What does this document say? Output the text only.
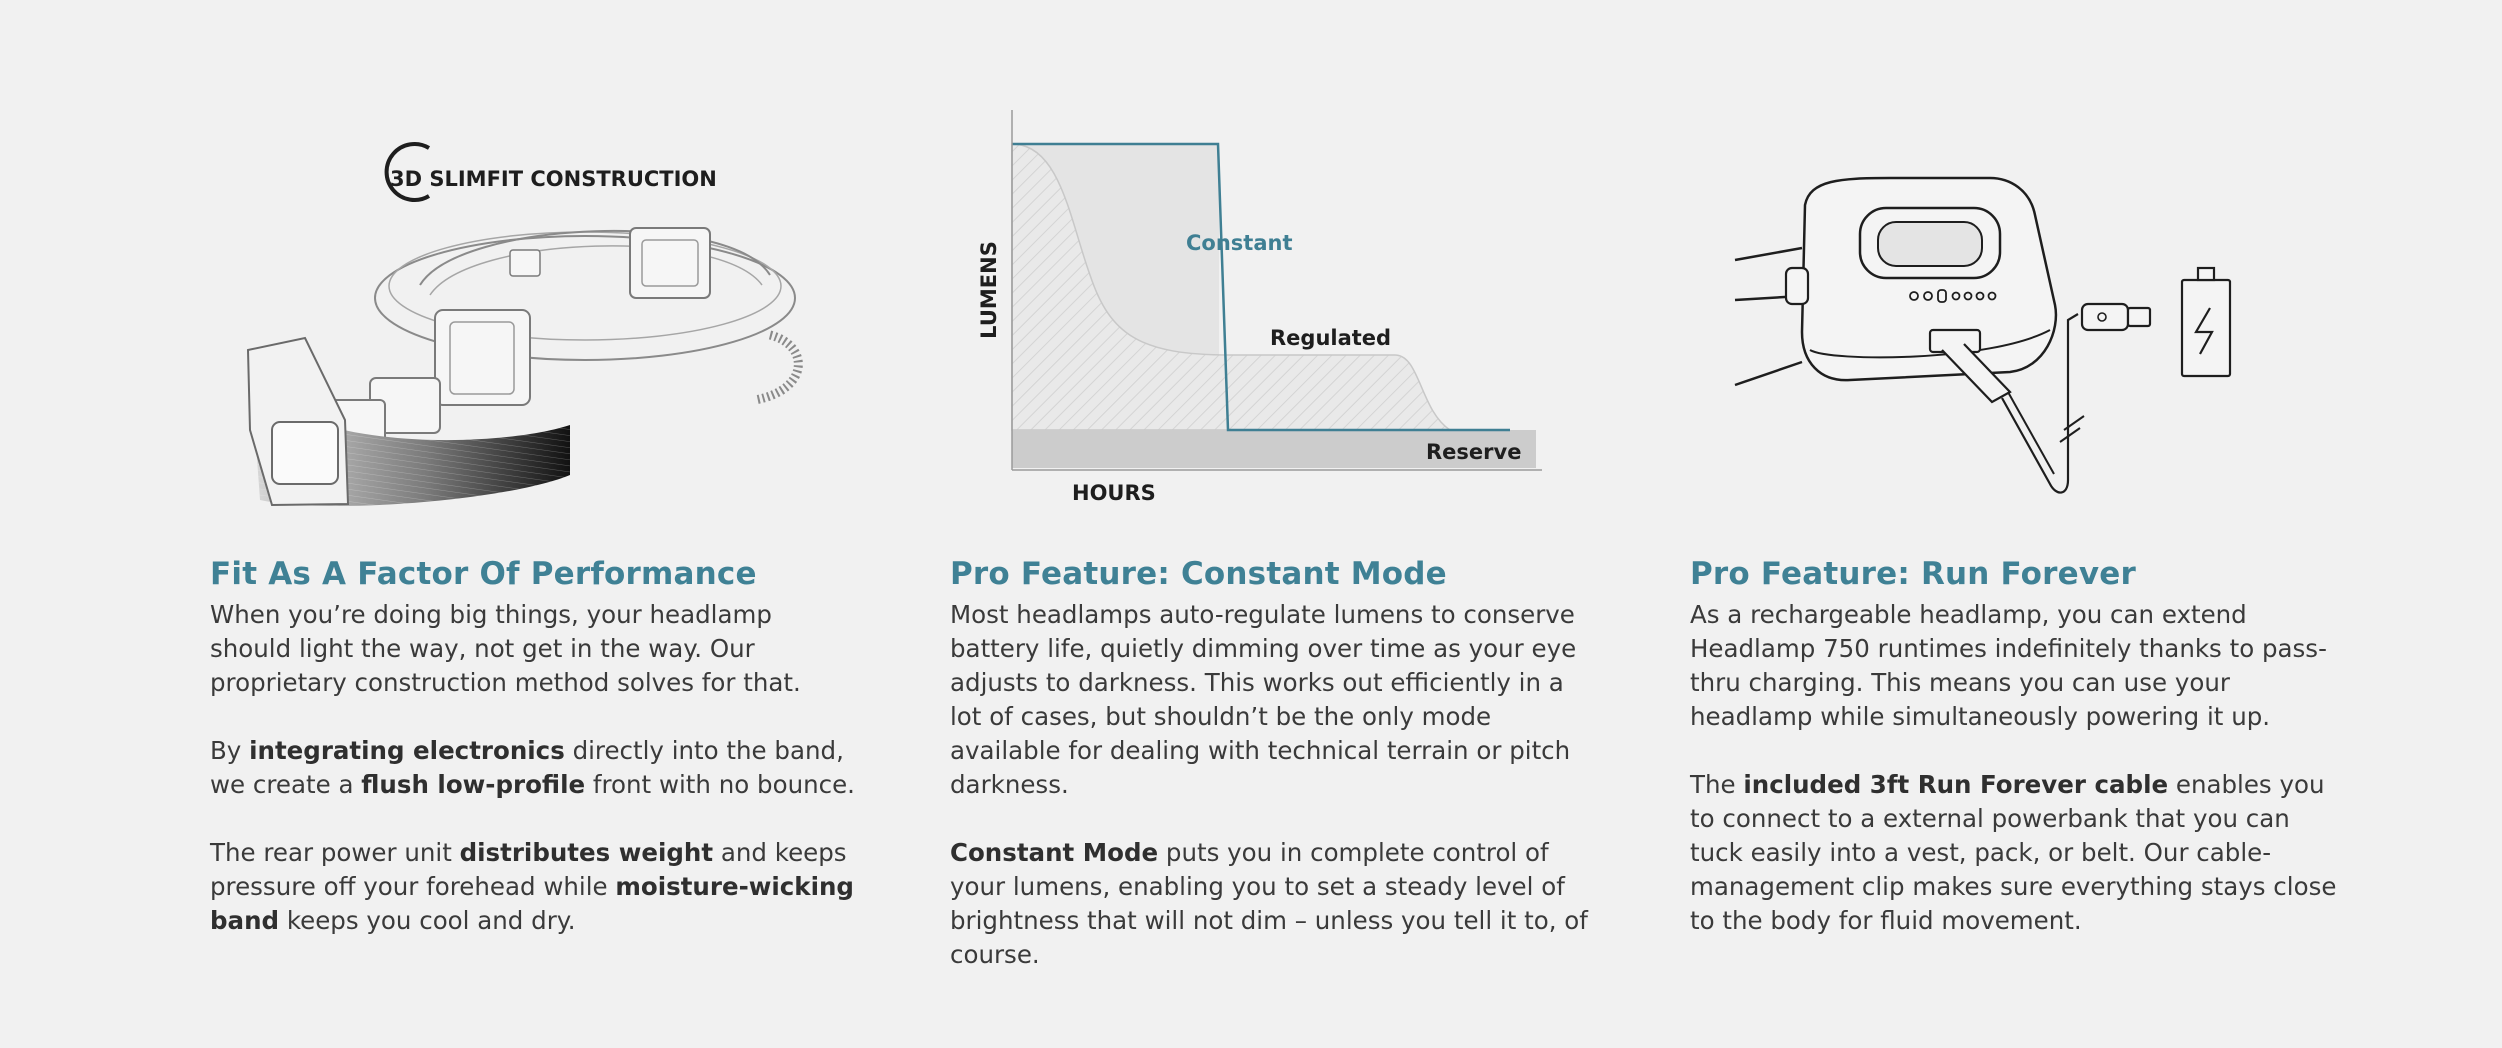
3D SLIMFIT CONSTRUCTION
Fit As A Factor Of Performance

When you’re doing big things, your headlamp should light the way, not get in the way. Our proprietary construction method solves for that.

By integrating electronics directly into the band, we create a flush low-profile front with no bounce.

The rear power unit distributes weight and keeps pressure off your forehead while moisture-wicking band keeps you cool and dry.

LUMENS
HOURS
Constant
Regulated
Reserve
Pro Feature: Constant Mode

Most headlamps auto-regulate lumens to conserve battery life, quietly dimming over time as your eye adjusts to darkness. This works out efficiently in a lot of cases, but shouldn’t be the only mode available for dealing with technical terrain or pitch darkness.

Constant Mode puts you in complete control of your lumens, enabling you to set a steady level of brightness that will not dim – unless you tell it to, of course.

Pro Feature: Run Forever

As a rechargeable headlamp, you can extend Headlamp 750 runtimes indefinitely thanks to pass-thru charging. This means you can use your headlamp while simultaneously powering it up.

The included 3ft Run Forever cable enables you to connect to a external powerbank that you can tuck easily into a vest, pack, or belt. Our cable-management clip makes sure everything stays close to the body for fluid movement.
